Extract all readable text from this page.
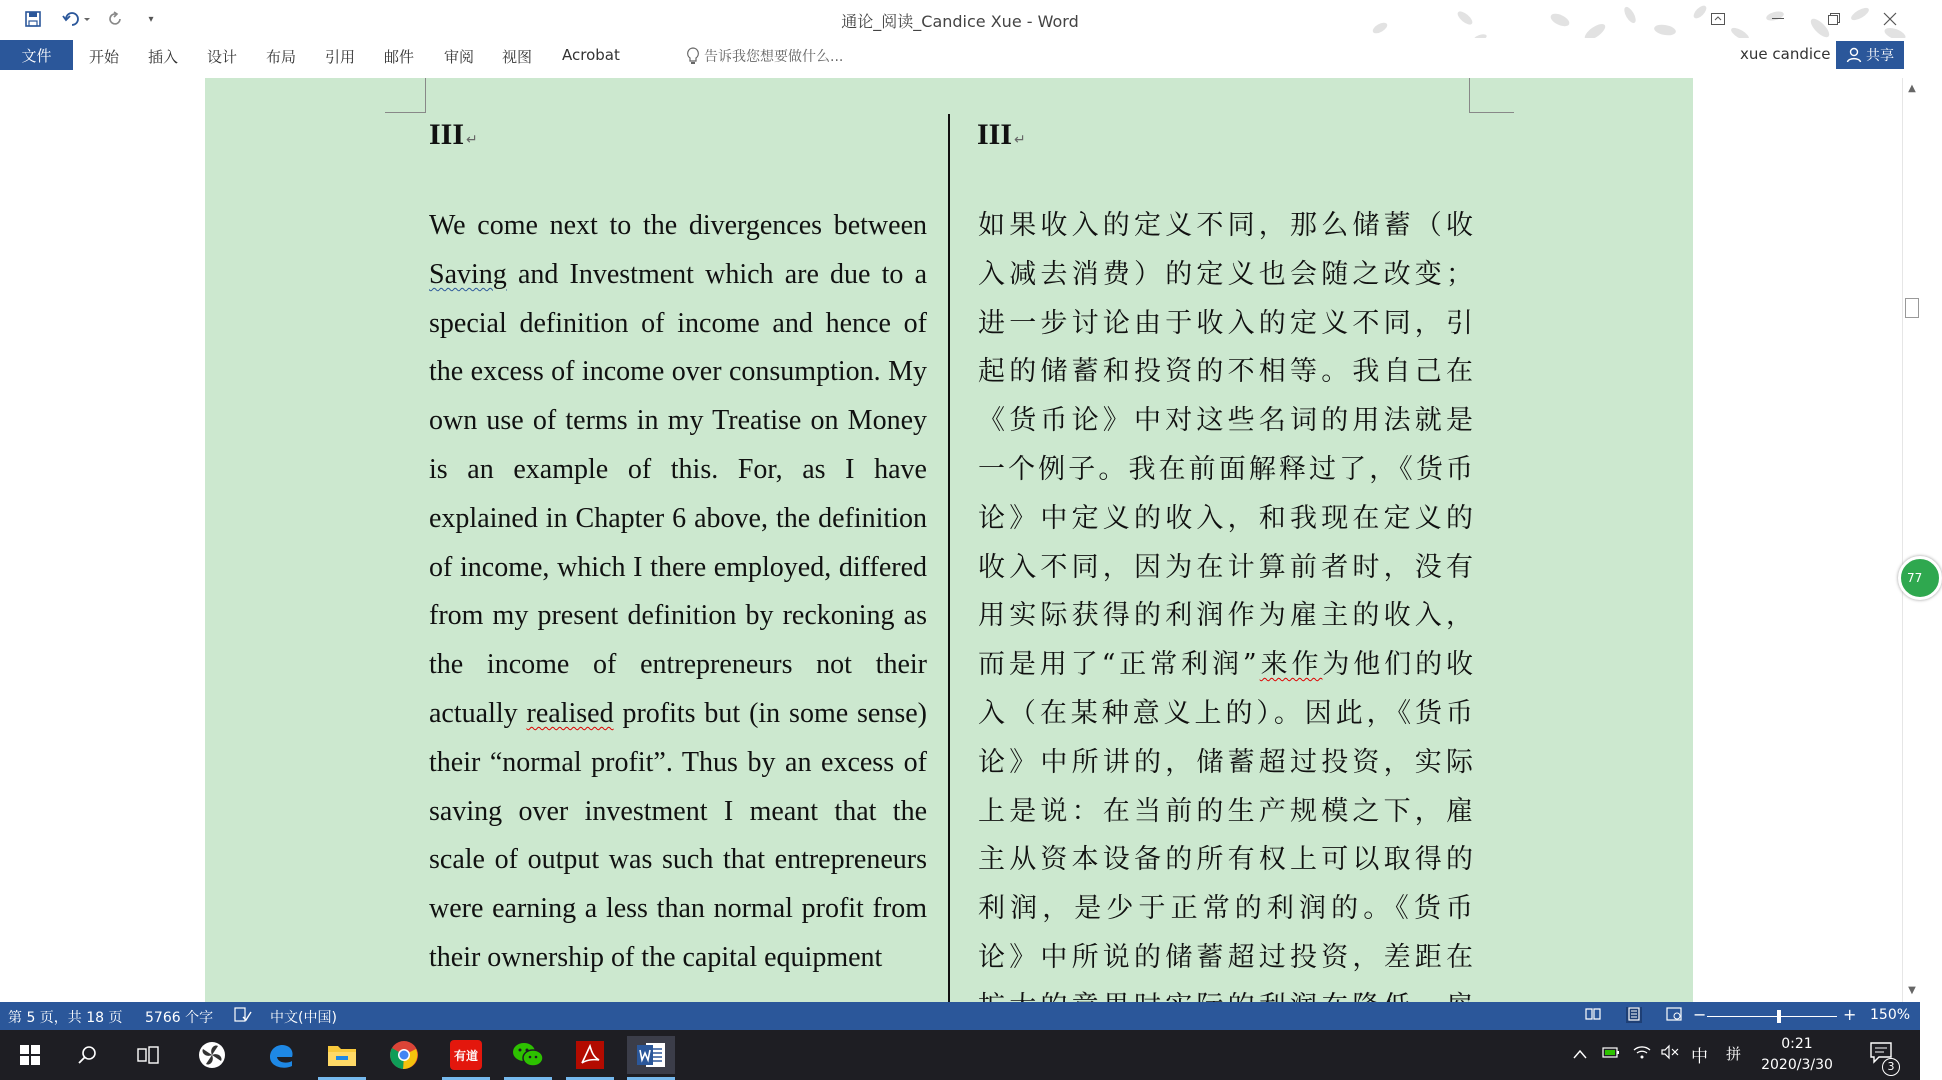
▾	通论_阅读_Candice Xue - Word
文件	开始 插入 设计 布局 引用 邮件 审阅 视图 Acrobat	告诉我您想要做什么...	xue candice	共享
III ↵	III ↵
We come next to the divergences between Saving and Investment which are due to a special definition of income and hence of the excess of income over consumption. My own use of terms in my Treatise on Money is an example of this. For, as I have explained in Chapter 6 above, the definition of income, which I there employed, differed from my present definition by reckoning as the income of entrepreneurs not their actually realised profits but (in some sense) their “normal profit”. Thus by an excess of saving over investment I meant that the scale of output was such that entrepreneurs were earning a less than normal profit from their ownership of the capital equipment
如果收入的定义不同，那么储蓄（收入减去消费）的定义也会随之改变；进一步讨论由于收入的定义不同，引起的储蓄和投资的不相等。我自己在《货币论》中对这些名词的用法就是一个例子。我在前面解释过了，《货币论》中定义的收入，和我现在定义的收入不同，因为在计算前者时，没有用实际获得的利润作为雇主的收入，而是用了“正常利润”来作为他们的收入（在某种意义上的）。因此，《货币论》中所讲的，储蓄超过投资，实际上是说：在当前的生产规模之下，雇主从资本设备的所有权上可以取得的利润，是少于正常的利润的。《货币论》中所说的储蓄超过投资，差距在
▲
▼
77
第 5 页，共 18 页 5766 个字	中文(中国)	−	+ 150%
有道	中 拼
0:21
2020/3/30	3
